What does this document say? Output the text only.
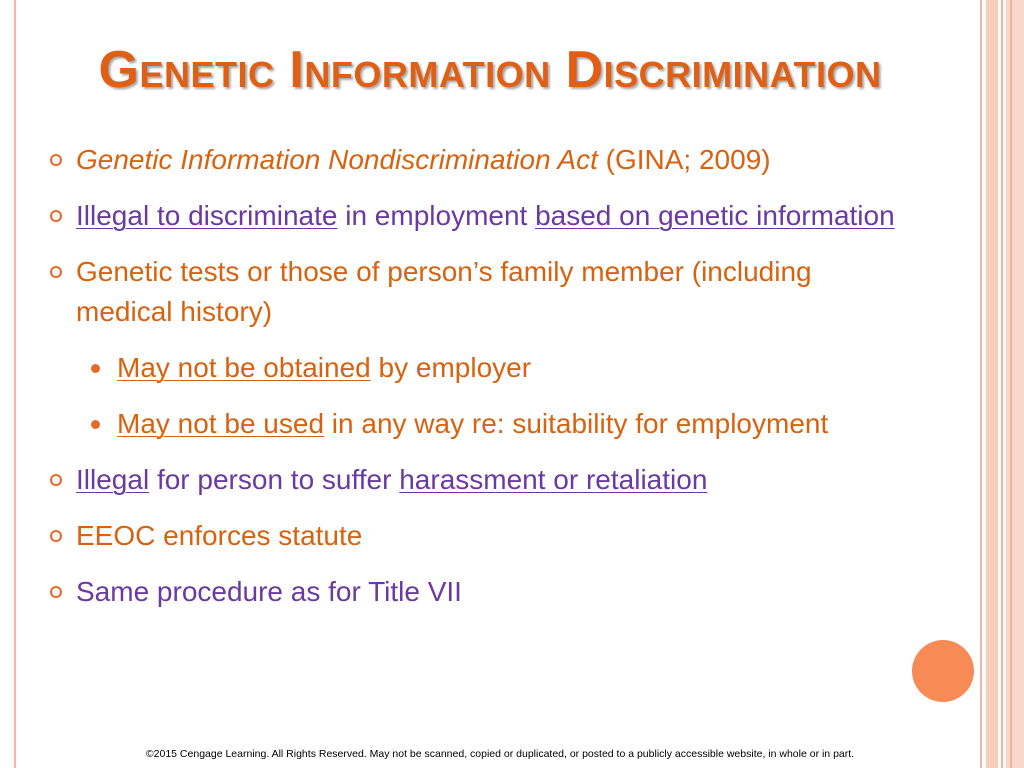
Genetic Information Discrimination
Genetic Information Nondiscrimination Act (GINA; 2009)
Illegal to discriminate in employment based on genetic information
Genetic tests or those of person’s family member (including medical history)
May not be obtained by employer
May not be used in any way re: suitability for employment
Illegal for person to suffer harassment or retaliation
EEOC enforces statute
Same procedure as for Title VII
©2015 Cengage Learning. All Rights Reserved. May not be scanned, copied or duplicated, or posted to a publicly accessible website, in whole or in part.
